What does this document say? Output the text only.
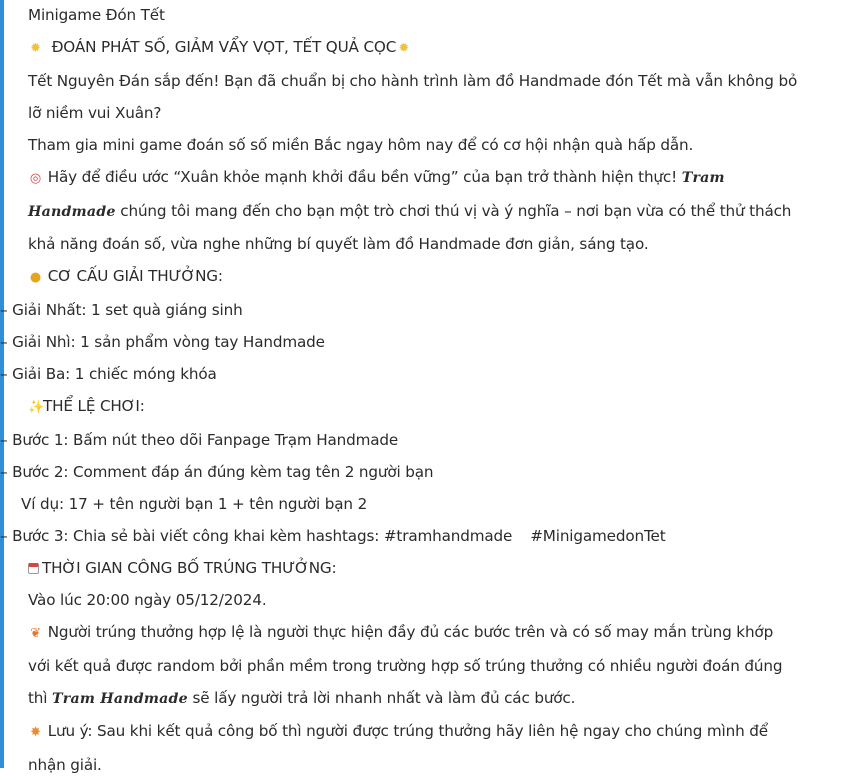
Minigame Đón Tết
✹ ĐOÁN PHÁT SỐ, GIẢM VẨY VỌT, TẾT QUẢ CỌC ✹
Tết Nguyên Đán sắp đến! Bạn đã chuẩn bị cho hành trình làm đồ Handmade đón Tết mà vẫn không bỏ
lỡ niềm vui Xuân?
Tham gia mini game đoán số số miền Bắc ngay hôm nay để có cơ hội nhận quà hấp dẫn.
◎ Hãy để điều ước “Xuân khỏe mạnh khởi đầu bền vững” của bạn trở thành hiện thực! 𝑻𝒓𝒂𝒎
𝑯𝒂𝒏𝒅𝒎𝒂𝒅𝒆 chúng tôi mang đến cho bạn một trò chơi thú vị và ý nghĩa – nơi bạn vừa có thể thử thách
khả năng đoán số, vừa nghe những bí quyết làm đồ Handmade đơn giản, sáng tạo.
● CƠ CẤU GIẢI THƯỞNG:
– Giải Nhất: 1 set quà giáng sinh
– Giải Nhì: 1 sản phẩm vòng tay Handmade
– Giải Ba: 1 chiếc móng khóa
✨THỂ LỆ CHƠI:
– Bước 1: Bấm nút theo dõi Fanpage Trạm Handmade
– Bước 2: Comment đáp án đúng kèm tag tên 2 người bạn
Ví dụ: 17 + tên người bạn 1 + tên người bạn 2
– Bước 3: Chia sẻ bài viết công khai kèm hashtags: #tramhandmade #MinigamedonTet
THỜI GIAN CÔNG BỐ TRÚNG THƯỞNG:
Vào lúc 20:00 ngày 05/12/2024.
❦ Người trúng thưởng hợp lệ là người thực hiện đầy đủ các bước trên và có số may mắn trùng khớp
với kết quả được random bởi phần mềm trong trường hợp số trúng thưởng có nhiều người đoán đúng
thì 𝑻𝒓𝒂𝒎 𝑯𝒂𝒏𝒅𝒎𝒂𝒅𝒆 sẽ lấy người trả lời nhanh nhất và làm đủ các bước.
✸ Lưu ý: Sau khi kết quả công bố thì người được trúng thưởng hãy liên hệ ngay cho chúng mình để
nhận giải.
